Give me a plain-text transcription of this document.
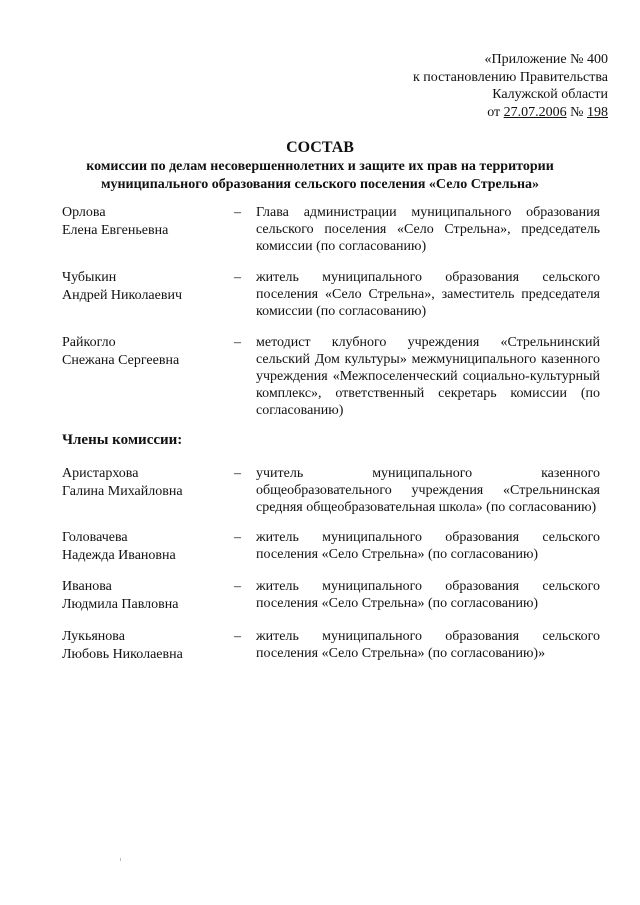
«Приложение № 400
к постановлению Правительства
Калужской области
от 27.07.2006 № 198
СОСТАВ
комиссии по делам несовершеннолетних и защите их прав на территории
муниципального образования сельского поселения «Село Стрельна»
Орлова
Елена Евгеньевна
– Глава администрации муниципального образования сельского поселения «Село Стрельна», председатель комиссии (по согласованию)
Чубыкин
Андрей Николаевич
– житель муниципального образования сельского поселения «Село Стрельна», заместитель председателя комиссии (по согласованию)
Райкогло
Снежана Сергеевна
– методист клубного учреждения «Стрельнинский сельский Дом культуры» межмуниципального казенного учреждения «Межпоселенческий социально-культурный комплекс», ответственный секретарь комиссии (по согласованию)
Члены комиссии:
Аристархова
Галина Михайловна
– учитель муниципального казенного общеобразовательного учреждения «Стрельнинская средняя общеобразовательная школа» (по согласованию)
Головачева
Надежда Ивановна
– житель муниципального образования сельского поселения «Село Стрельна» (по согласованию)
Иванова
Людмила Павловна
– житель муниципального образования сельского поселения «Село Стрельна» (по согласованию)
Лукьянова
Любовь Николаевна
– житель муниципального образования сельского поселения «Село Стрельна» (по согласованию)»
